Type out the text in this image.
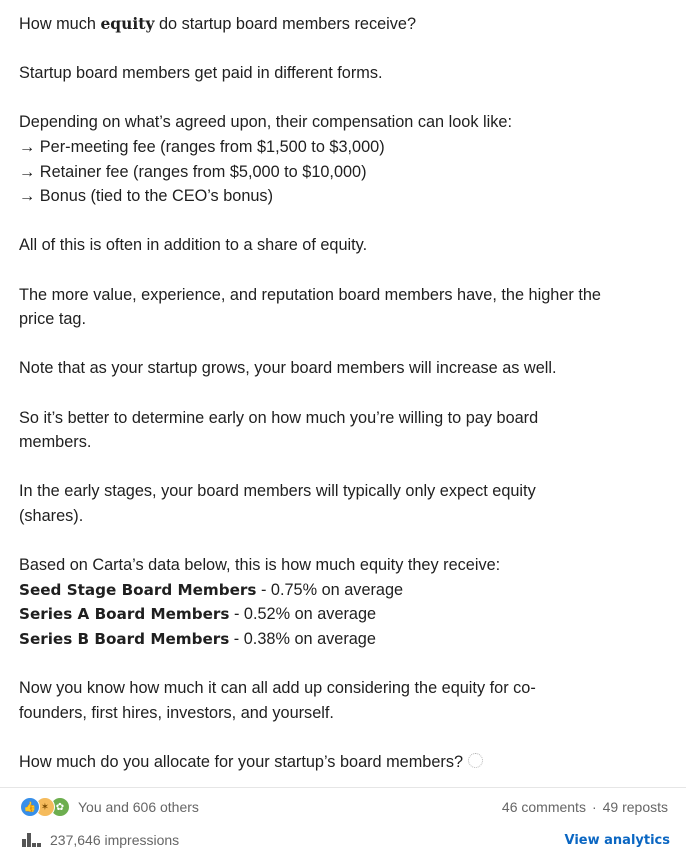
How much equity do startup board members receive?
Startup board members get paid in different forms.
Depending on what’s agreed upon, their compensation can look like:
→ Per-meeting fee (ranges from $1,500 to $3,000)
→ Retainer fee (ranges from $5,000 to $10,000)
→ Bonus (tied to the CEO’s bonus)
All of this is often in addition to a share of equity.
The more value, experience, and reputation board members have, the higher the
price tag.
Note that as your startup grows, your board members will increase as well.
So it’s better to determine early on how much you’re willing to pay board
members.
In the early stages, your board members will typically only expect equity
(shares).
Based on Carta’s data below, this is how much equity they receive:
Seed Stage Board Members - 0.75% on average
Series A Board Members - 0.52% on average
Series B Board Members - 0.38% on average
Now you know how much it can all add up considering the equity for co-
founders, first hires, investors, and yourself.
How much do you allocate for your startup’s board members?
👍 ✶ ✿ You and 606 others	46 comments · 49 reposts
237,646 impressions	View analytics
